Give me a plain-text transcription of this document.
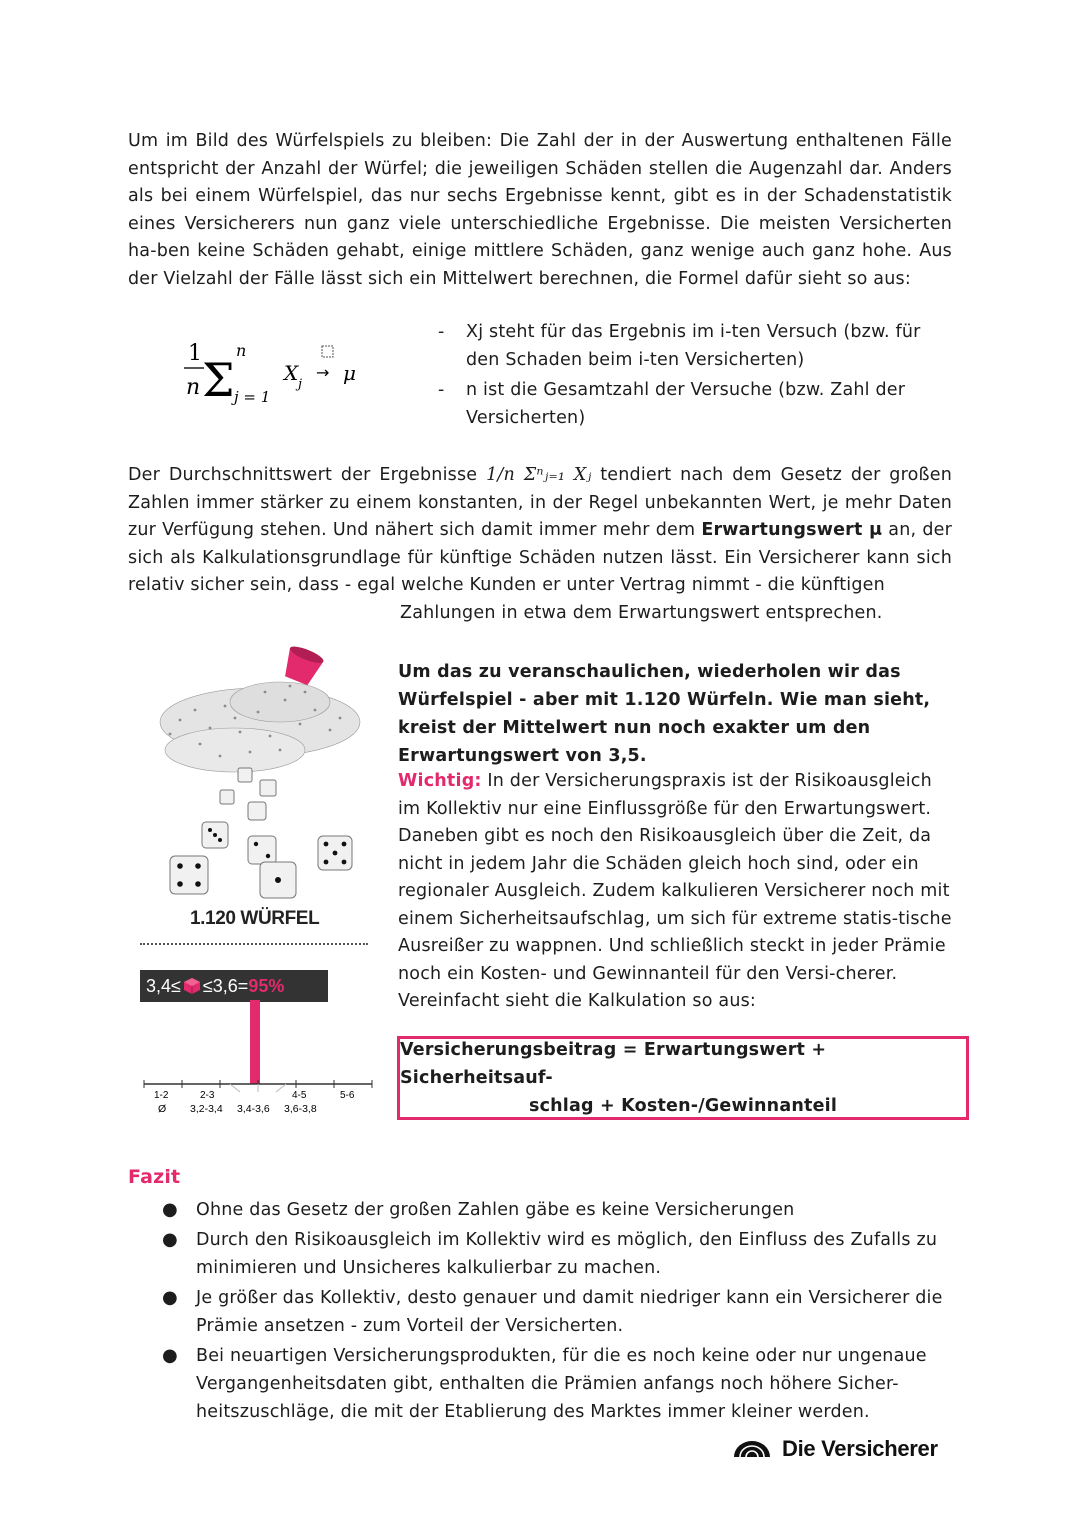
Um im Bild des Würfelspiels zu bleiben: Die Zahl der in der Auswertung enthaltenen Fälle entspricht der Anzahl der Würfel; die jeweiligen Schäden stellen die Augenzahl dar. Anders als bei einem Würfelspiel, das nur sechs Ergebnisse kennt, gibt es in der Schadenstatistik eines Versicherers nun ganz viele unterschiedliche Ergebnisse. Die meisten Versicherten ha-ben keine Schäden gehabt, einige mittlere Schäden, ganz wenige auch ganz hohe. Aus der Vielzahl der Fälle lässt sich ein Mittelwert berechnen, die Formel dafür sieht so aus:

1
n Σ
n
j = 1
X j
→ μ
- Xj steht für das Ergebnis im i-ten Versuch (bzw. für den Schaden beim i-ten Versicherten)
- n ist die Gesamtzahl der Versuche (bzw. Zahl der Versicherten)

Der Durchschnittswert der Ergebnisse 1/n Σⁿⱼ₌₁ Xⱼ tendiert nach dem Gesetz der großen Zahlen immer stärker zu einem konstanten, in der Regel unbekannten Wert, je mehr Daten zur Verfügung stehen. Und nähert sich damit immer mehr dem Erwartungswert μ an, der sich als Kalkulationsgrundlage für künftige Schäden nutzen lässt. Ein Versicherer kann sich relativ sicher sein, dass - egal welche Kunden er unter Vertrag nimmt - die künftigen

Zahlungen in etwa dem Erwartungswert entsprechen.

1.120 WÜRFEL
3,4≤ ≤3,6= 95%
1-2	2-3	4-5	5-6
Ø 3,2-3,4 3,4-3,6 3,6-3,8

Um das zu veranschaulichen, wiederholen wir das Würfelspiel - aber mit 1.120 Würfeln. Wie man sieht, kreist der Mittelwert nun noch exakter um den Erwartungswert von 3,5.

Wichtig: In der Versicherungspraxis ist der Risikoausgleich im Kollektiv nur eine Einflussgröße für den Erwartungswert. Daneben gibt es noch den Risikoausgleich über die Zeit, da nicht in jedem Jahr die Schäden gleich hoch sind, oder ein regionaler Ausgleich. Zudem kalkulieren Versicherer noch mit einem Sicherheitsaufschlag, um sich für extreme statis-tische Ausreißer zu wappnen. Und schließlich steckt in jeder Prämie noch ein Kosten- und Gewinnanteil für den Versi-cherer. Vereinfacht sieht die Kalkulation so aus:

Versicherungsbeitrag = Erwartungswert + Sicherheitsauf-
schlag + Kosten-/Gewinnanteil
Fazit
● Ohne das Gesetz der großen Zahlen gäbe es keine Versicherungen
● Durch den Risikoausgleich im Kollektiv wird es möglich, den Einfluss des Zufalls zu minimieren und Unsicheres kalkulierbar zu machen.
● Je größer das Kollektiv, desto genauer und damit niedriger kann ein Versicherer die Prämie ansetzen - zum Vorteil der Versicherten.
● Bei neuartigen Versicherungsprodukten, für die es noch keine oder nur ungenaue Vergangenheitsdaten gibt, enthalten die Prämien anfangs noch höhere Sicher-heitszuschläge, die mit der Etablierung des Marktes immer kleiner werden.
Die Versicherer
